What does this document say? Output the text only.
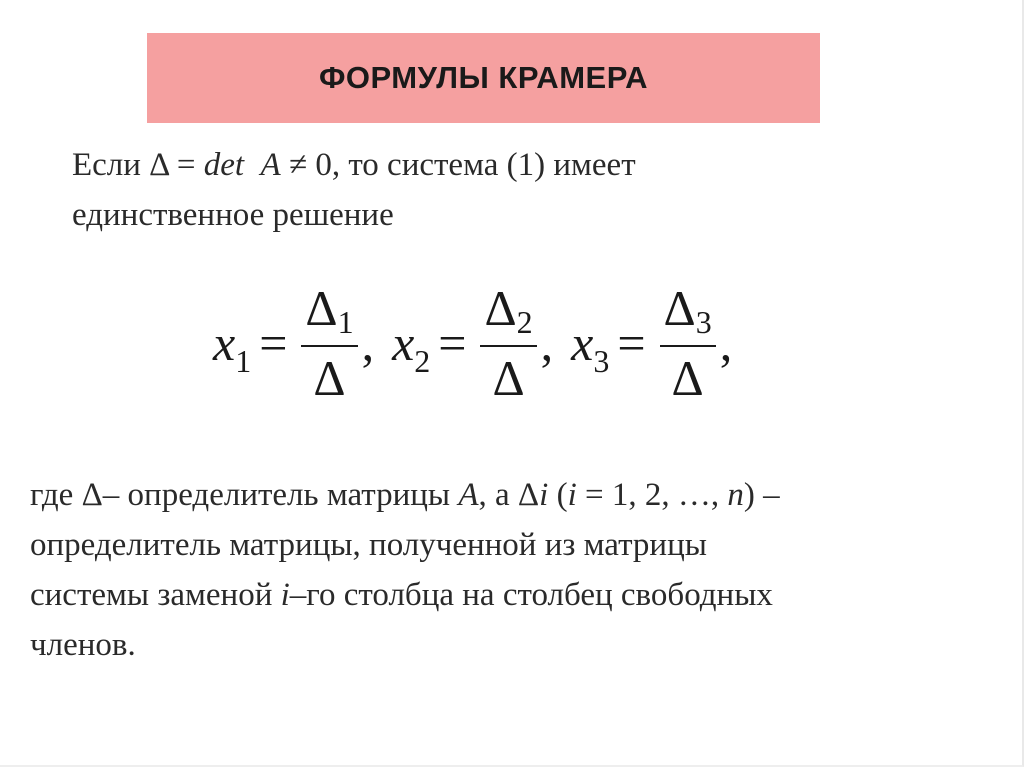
ФОРМУЛЫ КРАМЕРА
Если Δ = det A ≠ 0, то система (1) имеет
единственное решение
$x_1 = \frac{\Delta 1}{\Delta}$ , $x_2 = \frac{\Delta 2}{\Delta}$ , $x_3 = \frac{\Delta 3}{\Delta}$ ,
где Δ– определитель матрицы A, а Δi (i = 1, 2, …, n) –
определитель матрицы, полученной из матрицы
системы заменой i–го столбца на столбец свободных
членов.
